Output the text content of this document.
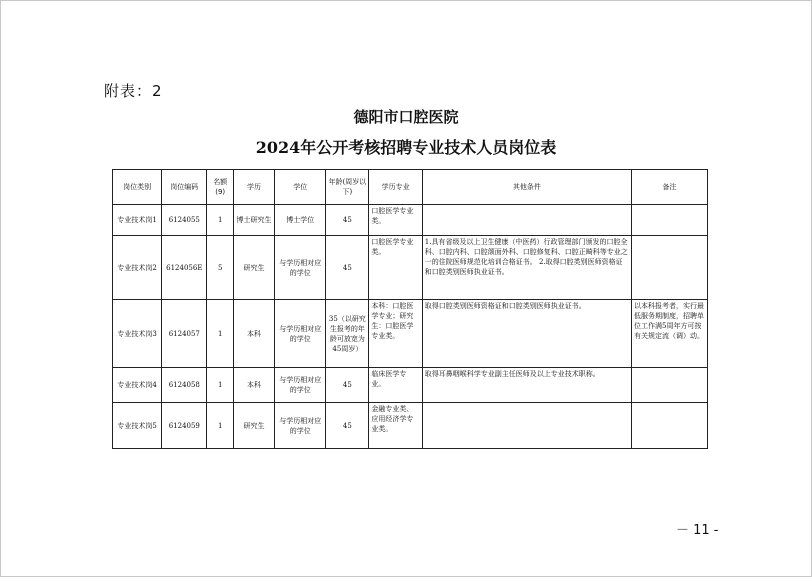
附表：2
德阳市口腔医院
2024年公开考核招聘专业技术人员岗位表
岗位类别	岗位编码	名额(9)	学历	学位	年龄(周岁以下)	学历专业	其他条件	备注
专业技术岗1	6124055	1	博士研究生	博士学位	45	口腔医学专业类。		
专业技术岗2	6124056E	5	研究生	与学历相对应的学位	45	口腔医学专业类。	1.具有省级及以上卫生健康（中医药）行政管理部门颁发的口腔全科、口腔内科、口腔颌面外科、口腔修复科、口腔正畸科等专业之一的住院医师规范化培训合格证书。 2.取得口腔类别医师资格证和口腔类别医师执业证书。	
专业技术岗3	6124057	1	本科	与学历相对应的学位	35（以研究生报考的年龄可放宽为45周岁）	本科：口腔医学专业；研究生：口腔医学专业类。	取得口腔类别医师资格证和口腔类别医师执业证书。	以本科报考者，实行最低服务期制度，招聘单位工作满5周年方可按有关规定流（调）动。
专业技术岗4	6124058	1	本科	与学历相对应的学位	45	临床医学专业。	取得耳鼻咽喉科学专业副主任医师及以上专业技术职称。	
专业技术岗5	6124059	1	研究生	与学历相对应的学位	45	金融专业类、应用经济学专业类。		
－ 11 -
